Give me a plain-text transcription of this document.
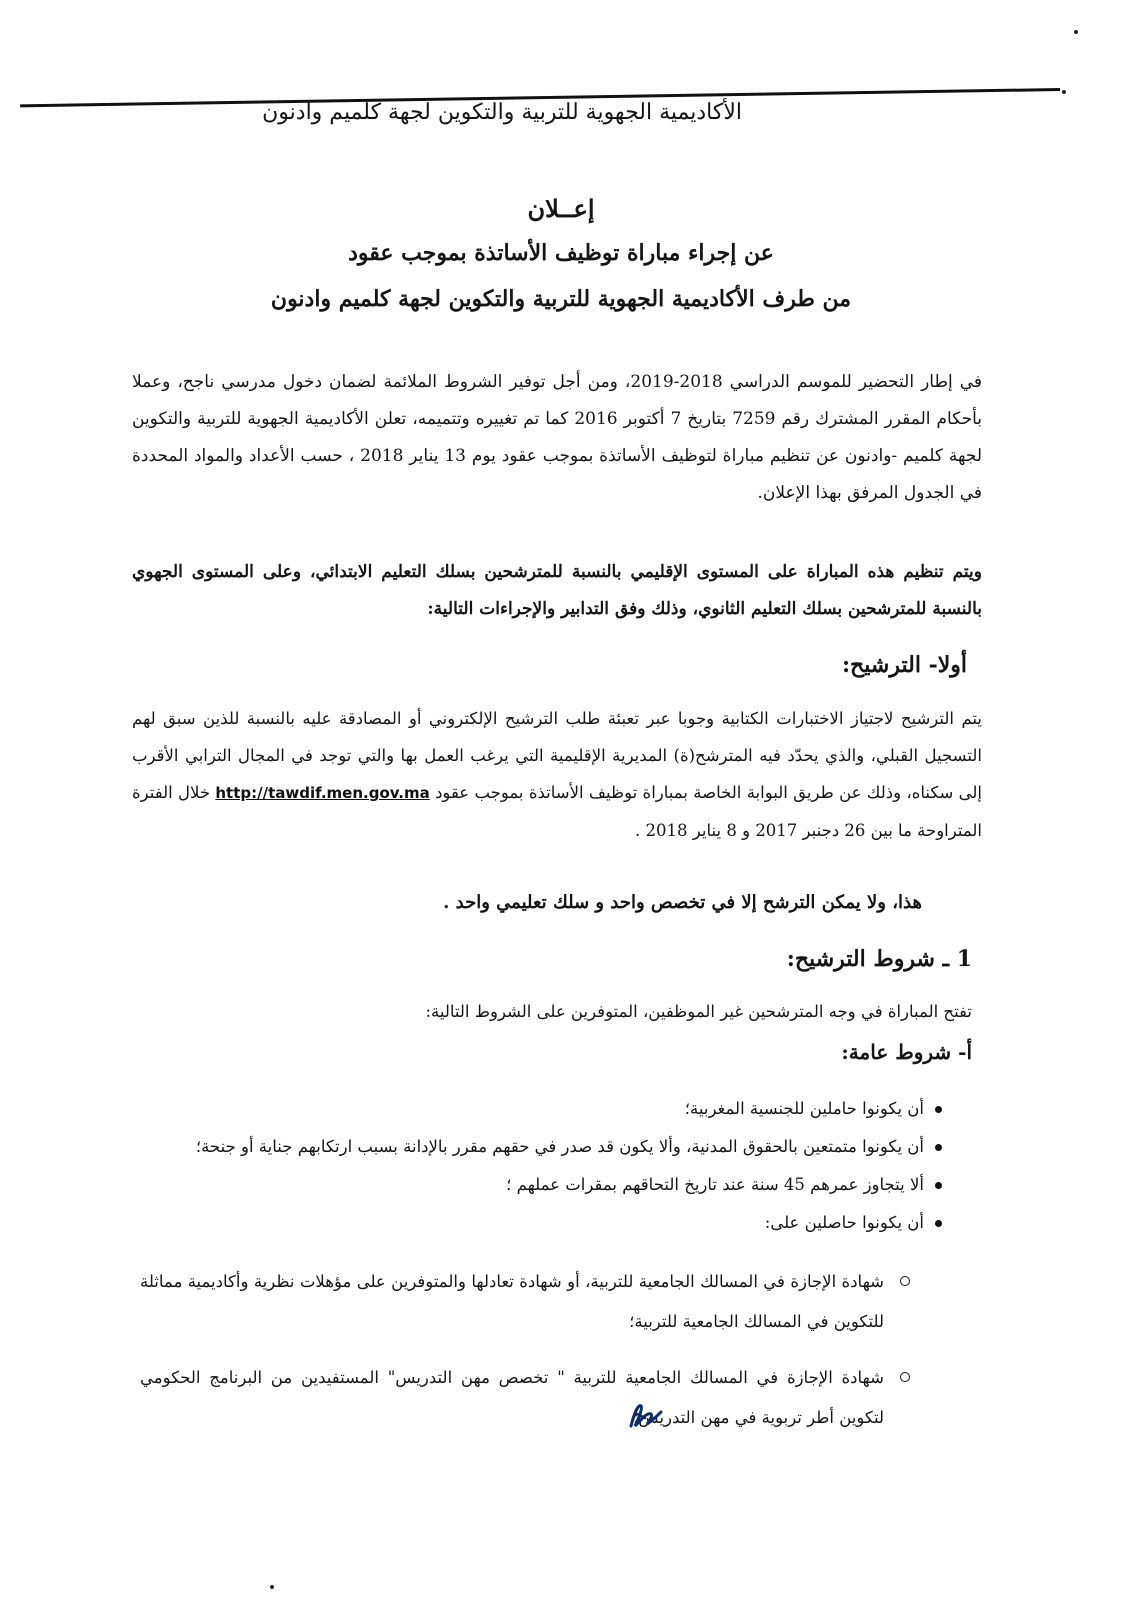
الأكاديمية الجهوية للتربية والتكوين لجهة كلميم وادنون
إعــلان
عن إجراء مباراة توظيف الأساتذة بموجب عقود
من طرف الأكاديمية الجهوية للتربية والتكوين لجهة كلميم وادنون
في إطار التحضير للموسم الدراسي 2018-2019، ومن أجل توفير الشروط الملائمة لضمان دخول مدرسي ناجح، وعملا بأحكام المقرر المشترك رقم 7259 بتاريخ 7 أكتوبر 2016 كما تم تغييره وتتميمه، تعلن الأكاديمية الجهوية للتربية والتكوين لجهة كلميم -وادنون عن تنظيم مباراة لتوظيف الأساتذة بموجب عقود يوم 13 يناير 2018 ، حسب الأعداد والمواد المحددة في الجدول المرفق بهذا الإعلان.
ويتم تنظيم هذه المباراة على المستوى الإقليمي بالنسبة للمترشحين بسلك التعليم الابتدائي، وعلى المستوى الجهوي بالنسبة للمترشحين بسلك التعليم الثانوي، وذلك وفق التدابير والإجراءات التالية:
أولا- الترشيح:
يتم الترشيح لاجتياز الاختبارات الكتابية وجوبا عبر تعبئة طلب الترشيح الإلكتروني أو المصادقة عليه بالنسبة للذين سبق لهم التسجيل القبلي، والذي يحدّد فيه المترشح(ة) المديرية الإقليمية التي يرغب العمل بها والتي توجد في المجال الترابي الأقرب إلى سكناه، وذلك عن طريق البوابة الخاصة بمباراة توظيف الأساتذة بموجب عقود http://tawdif.men.gov.ma خلال الفترة المتراوحة ما بين 26 دجنبر 2017 و 8 يناير 2018 .
هذا، ولا يمكن الترشح إلا في تخصص واحد و سلك تعليمي واحد .
1 ـ شروط الترشيح:
تفتح المباراة في وجه المترشحين غير الموظفين، المتوفرين على الشروط التالية:
أ- شروط عامة:
أن يكونوا حاملين للجنسية المغربية؛
أن يكونوا متمتعين بالحقوق المدنية، وألا يكون قد صدر في حقهم مقرر بالإدانة بسبب ارتكابهم جناية أو جنحة؛
ألا يتجاوز عمرهم 45 سنة عند تاريخ التحاقهم بمقرات عملهم ؛
أن يكونوا حاصلين على:
شهادة الإجازة في المسالك الجامعية للتربية، أو شهادة تعادلها والمتوفرين على مؤهلات نظرية وأكاديمية مماثلة للتكوين في المسالك الجامعية للتربية؛
شهادة الإجازة في المسالك الجامعية للتربية " تخصص مهن التدريس" المستفيدين من البرنامج الحكومي لتكوين أطر تربوية في مهن التدريس؛
